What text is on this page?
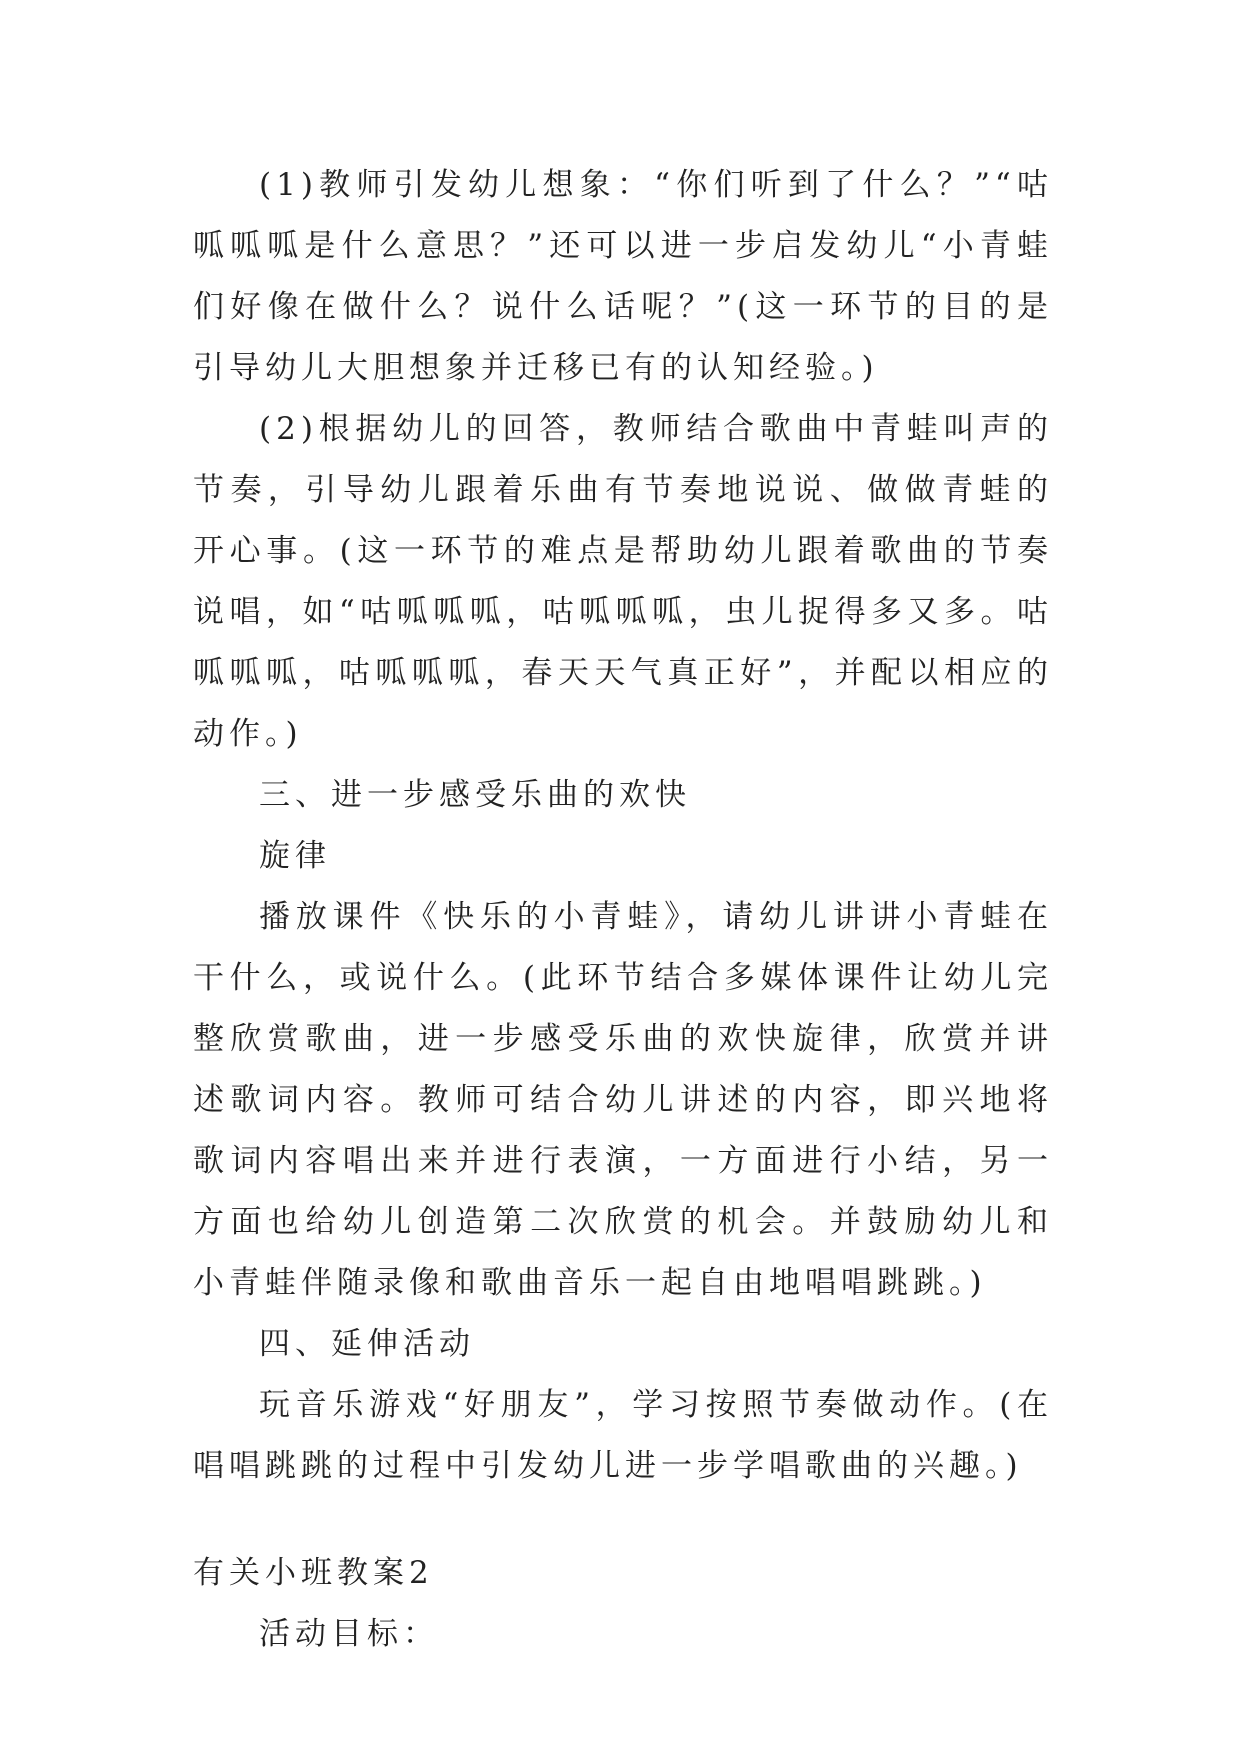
(1)教师引发幼儿想象：“你们听到了什么？”“咕呱呱呱是什么意思？”还可以进一步启发幼儿“小青蛙们好像在做什么？说什么话呢？”(这一环节的目的是引导幼儿大胆想象并迁移已有的认知经验。)

(2)根据幼儿的回答，教师结合歌曲中青蛙叫声的节奏，引导幼儿跟着乐曲有节奏地说说、做做青蛙的开心事。(这一环节的难点是帮助幼儿跟着歌曲的节奏说唱，如“咕呱呱呱，咕呱呱呱，虫儿捉得多又多。咕呱呱呱，咕呱呱呱，春天天气真正好”，并配以相应的动作。)

三、进一步感受乐曲的欢快

旋律

播放课件《快乐的小青蛙》，请幼儿讲讲小青蛙在干什么，或说什么。(此环节结合多媒体课件让幼儿完整欣赏歌曲，进一步感受乐曲的欢快旋律，欣赏并讲述歌词内容。教师可结合幼儿讲述的内容，即兴地将歌词内容唱出来并进行表演，一方面进行小结，另一方面也给幼儿创造第二次欣赏的机会。并鼓励幼儿和小青蛙伴随录像和歌曲音乐一起自由地唱唱跳跳。)

四、延伸活动

玩音乐游戏“好朋友”，学习按照节奏做动作。(在唱唱跳跳的过程中引发幼儿进一步学唱歌曲的兴趣。)

有关小班教案2

活动目标：
